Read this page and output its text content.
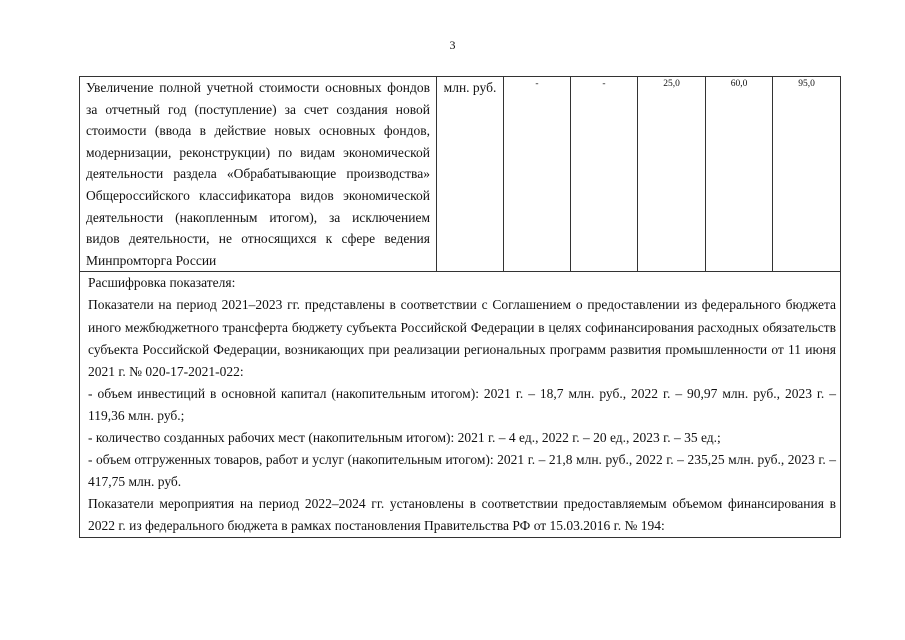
3
Увеличение полной учетной стоимости основных фондов за отчетный год (поступление) за счет создания новой стоимости (ввода в действие новых основных фондов, модернизации, реконструкции) по видам экономической деятельности раздела «Обрабатывающие производства» Общероссийского классификатора видов экономической деятельности (накопленным итогом), за исключением видов деятельности, не относящихся к сфере ведения Минпромторга России	млн. руб.	-	-	25,0	60,0	95,0

Расшифровка показателя:

Показатели на период 2021–2023 гг. представлены в соответствии с Соглашением о предоставлении из федерального бюджета иного межбюджетного трансферта бюджету субъекта Российской Федерации в целях софинансирования расходных обязательств субъекта Российской Федерации, возникающих при реализации региональных программ развития промышленности от 11 июня 2021 г. № 020-17-2021-022:

- объем инвестиций в основной капитал (накопительным итогом): 2021 г. – 18,7 млн. руб., 2022 г. – 90,97 млн. руб., 2023 г. – 119,36 млн. руб.;

- количество созданных рабочих мест (накопительным итогом): 2021 г. – 4 ед., 2022 г. – 20 ед., 2023 г. – 35 ед.;

- объем отгруженных товаров, работ и услуг (накопительным итогом): 2021 г. – 21,8 млн. руб., 2022 г. – 235,25 млн. руб., 2023 г. – 417,75 млн. руб.

Показатели мероприятия на период 2022–2024 гг. установлены в соответствии предоставляемым объемом финансирования в 2022 г. из федерального бюджета в рамках постановления Правительства РФ от 15.03.2016 г. № 194:
